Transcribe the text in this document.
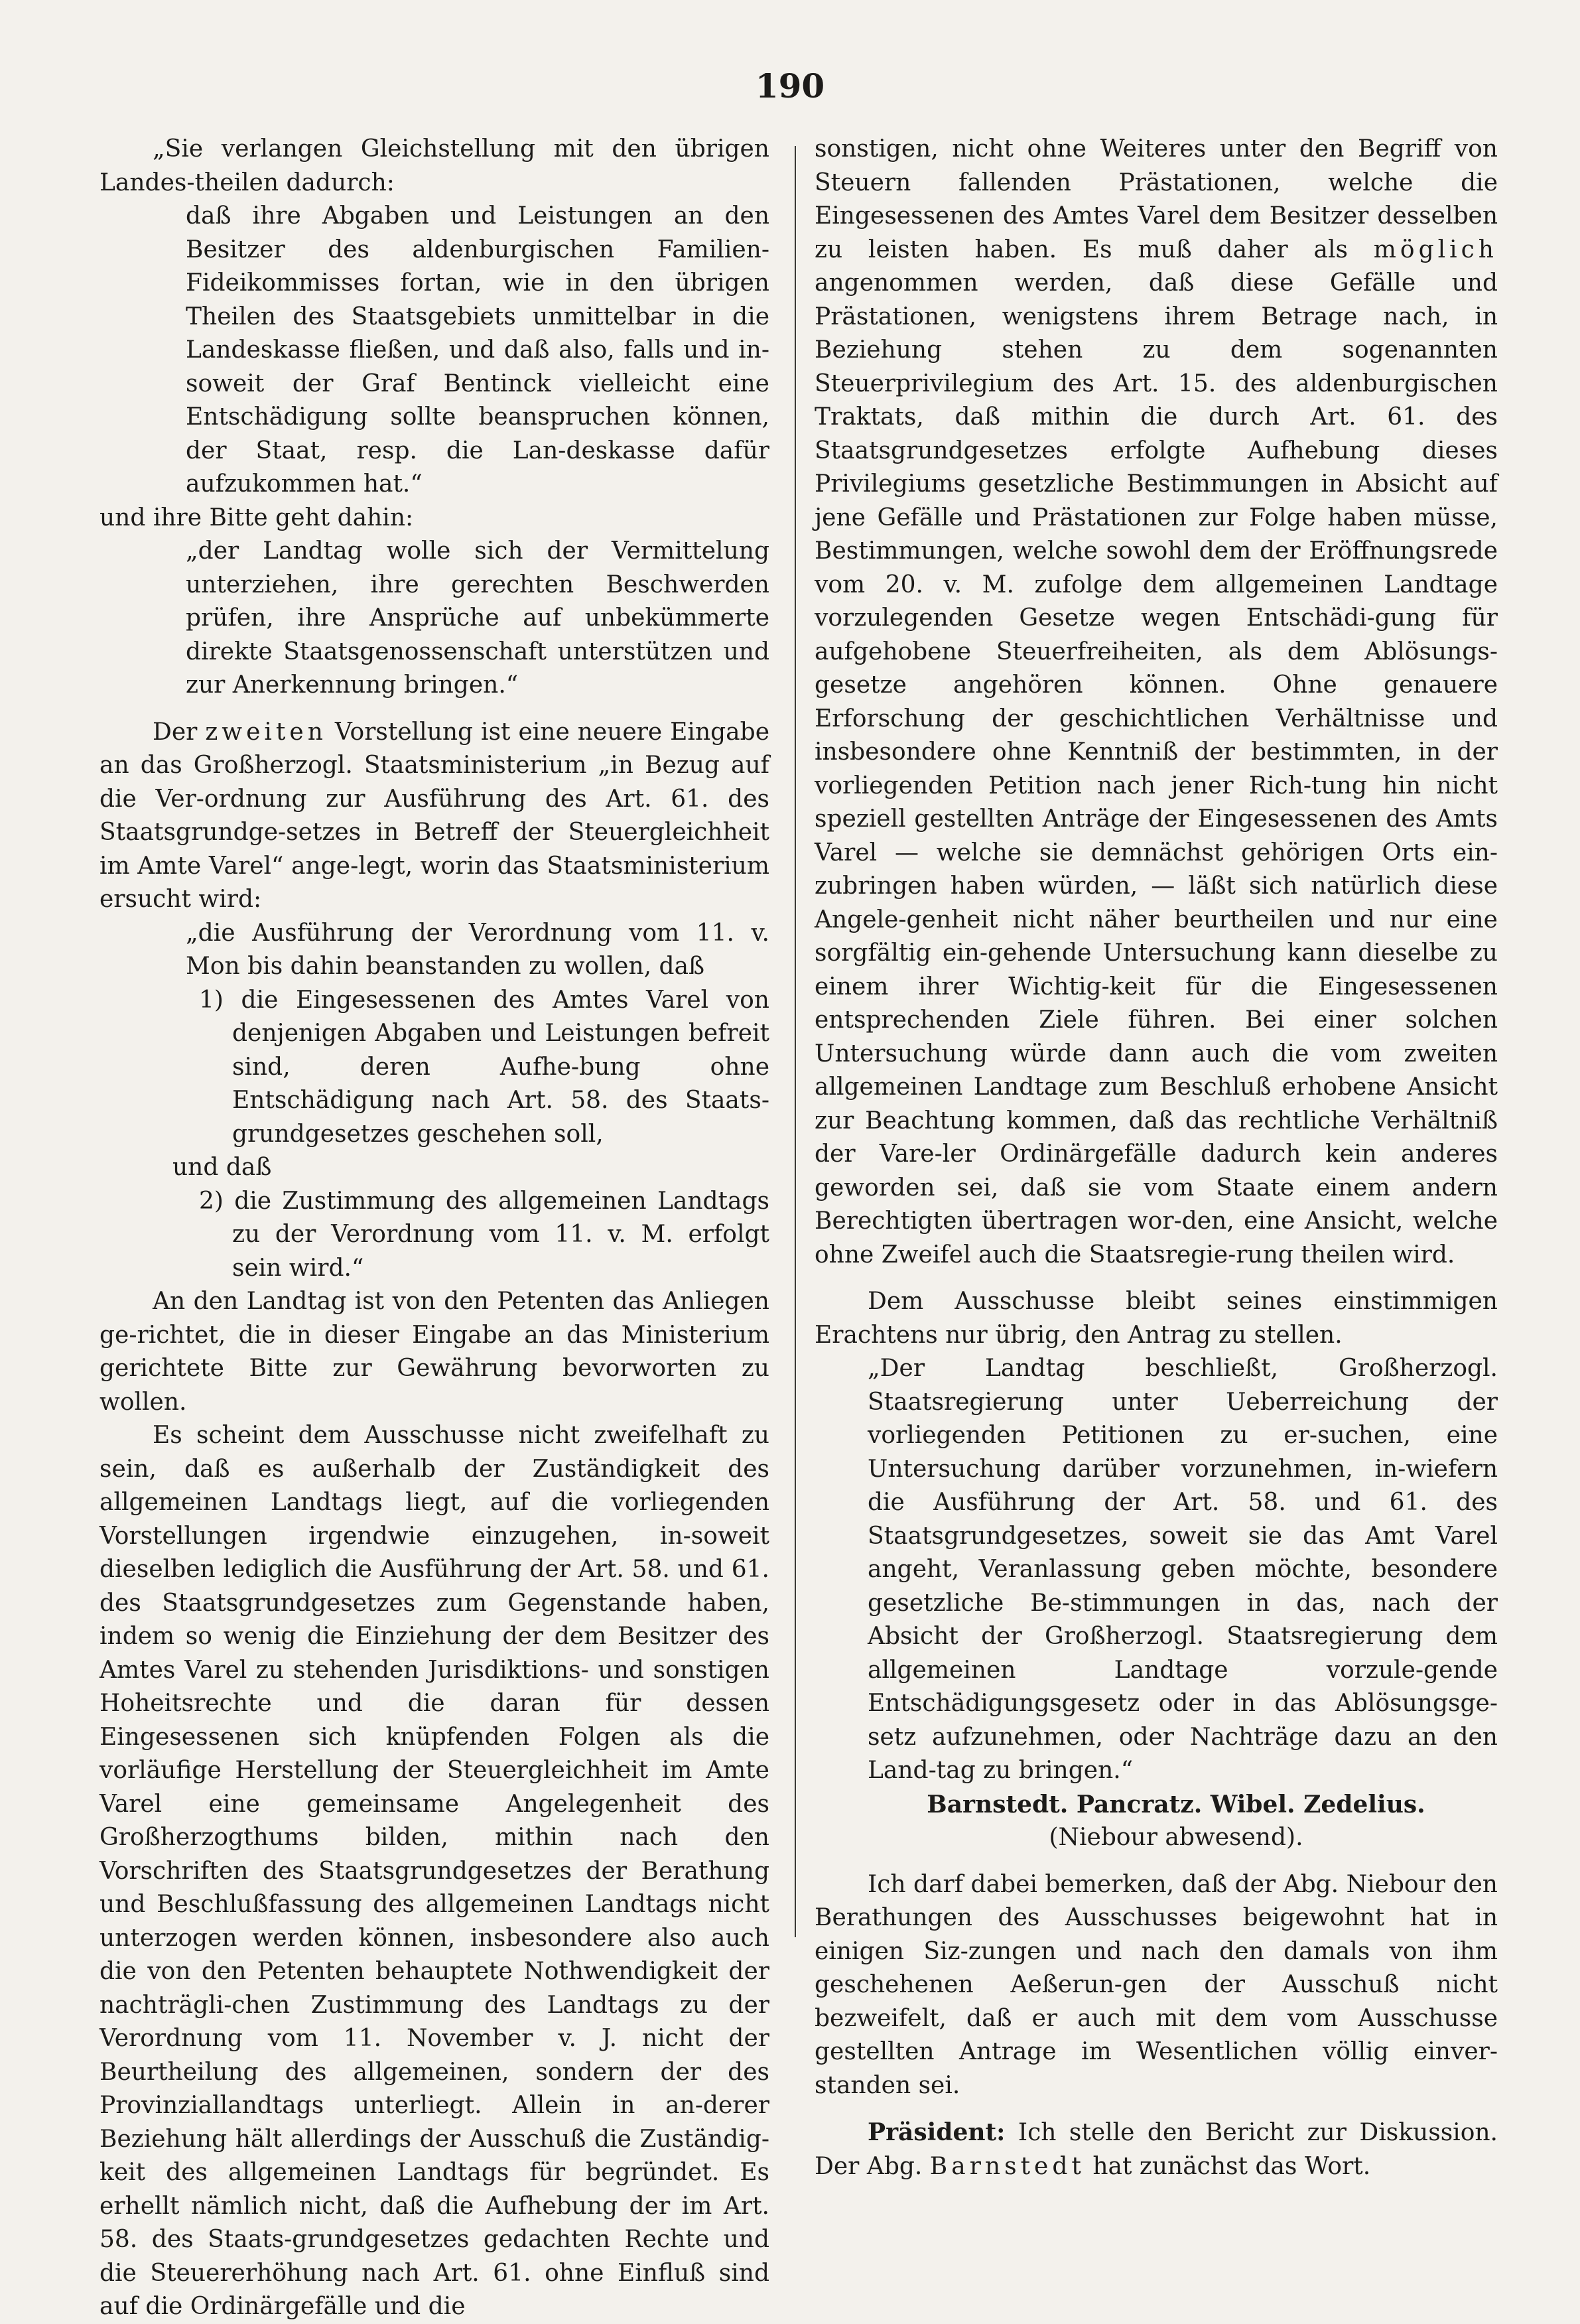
190

„Sie verlangen Gleichstellung mit den übrigen Landes-theilen dadurch:

daß ihre Abgaben und Leistungen an den Besitzer des aldenburgischen Familien-Fideikommisses fortan, wie in den übrigen Theilen des Staatsgebiets unmittelbar in die Landeskasse fließen, und daß also, falls und in-soweit der Graf Bentinck vielleicht eine Entschädigung sollte beanspruchen können, der Staat, resp. die Lan-deskasse dafür aufzukommen hat.“

und ihre Bitte geht dahin:

„der Landtag wolle sich der Vermittelung unterziehen, ihre gerechten Beschwerden prüfen, ihre Ansprüche auf unbekümmerte direkte Staatsgenossenschaft unterstützen und zur Anerkennung bringen.“

Der zweiten Vorstellung ist eine neuere Eingabe an das Großherzogl. Staatsministerium „in Bezug auf die Ver-ordnung zur Ausführung des Art. 61. des Staatsgrundge-setzes in Betreff der Steuergleichheit im Amte Varel“ ange-legt, worin das Staatsministerium ersucht wird:

„die Ausführung der Verordnung vom 11. v. Mon bis dahin beanstanden zu wollen, daß

1) die Eingesessenen des Amtes Varel von denjenigen Abgaben und Leistungen befreit sind, deren Aufhe-bung ohne Entschädigung nach Art. 58. des Staats-grundgesetzes geschehen soll,

und daß

2) die Zustimmung des allgemeinen Landtags zu der Verordnung vom 11. v. M. erfolgt sein wird.“

An den Landtag ist von den Petenten das Anliegen ge-richtet, die in dieser Eingabe an das Ministerium gerichtete Bitte zur Gewährung bevorworten zu wollen.

Es scheint dem Ausschusse nicht zweifelhaft zu sein, daß es außerhalb der Zuständigkeit des allgemeinen Landtags liegt, auf die vorliegenden Vorstellungen irgendwie einzugehen, in-soweit dieselben lediglich die Ausführung der Art. 58. und 61. des Staatsgrundgesetzes zum Gegenstande haben, indem so wenig die Einziehung der dem Besitzer des Amtes Varel zu stehenden Jurisdiktions- und sonstigen Hoheitsrechte und die daran für dessen Eingesessenen sich knüpfenden Folgen als die vorläufige Herstellung der Steuergleichheit im Amte Varel eine gemeinsame Angelegenheit des Großherzogthums bilden, mithin nach den Vorschriften des Staatsgrundgesetzes der Berathung und Beschlußfassung des allgemeinen Landtags nicht unterzogen werden können, insbesondere also auch die von den Petenten behauptete Nothwendigkeit der nachträgli-chen Zustimmung des Landtags zu der Verordnung vom 11. November v. J. nicht der Beurtheilung des allgemeinen, sondern der des Provinziallandtags unterliegt. Allein in an-derer Beziehung hält allerdings der Ausschuß die Zuständig-keit des allgemeinen Landtags für begründet. Es erhellt nämlich nicht, daß die Aufhebung der im Art. 58. des Staats-grundgesetzes gedachten Rechte und die Steuererhöhung nach Art. 61. ohne Einfluß sind auf die Ordinärgefälle und die

sonstigen, nicht ohne Weiteres unter den Begriff von Steuern fallenden Prästationen, welche die Eingesessenen des Amtes Varel dem Besitzer desselben zu leisten haben. Es muß daher als möglich angenommen werden, daß diese Gefälle und Prästationen, wenigstens ihrem Betrage nach, in Beziehung stehen zu dem sogenannten Steuerprivilegium des Art. 15. des aldenburgischen Traktats, daß mithin die durch Art. 61. des Staatsgrundgesetzes erfolgte Aufhebung dieses Privilegiums gesetzliche Bestimmungen in Absicht auf jene Gefälle und Prästationen zur Folge haben müsse, Bestimmungen, welche sowohl dem der Eröffnungsrede vom 20. v. M. zufolge dem allgemeinen Landtage vorzulegenden Gesetze wegen Entschädi-gung für aufgehobene Steuerfreiheiten, als dem Ablösungs-gesetze angehören können. Ohne genauere Erforschung der geschichtlichen Verhältnisse und insbesondere ohne Kenntniß der bestimmten, in der vorliegenden Petition nach jener Rich-tung hin nicht speziell gestellten Anträge der Eingesessenen des Amts Varel — welche sie demnächst gehörigen Orts ein-zubringen haben würden, — läßt sich natürlich diese Angele-genheit nicht näher beurtheilen und nur eine sorgfältig ein-gehende Untersuchung kann dieselbe zu einem ihrer Wichtig-keit für die Eingesessenen entsprechenden Ziele führen. Bei einer solchen Untersuchung würde dann auch die vom zweiten allgemeinen Landtage zum Beschluß erhobene Ansicht zur Beachtung kommen, daß das rechtliche Verhältniß der Vare-ler Ordinärgefälle dadurch kein anderes geworden sei, daß sie vom Staate einem andern Berechtigten übertragen wor-den, eine Ansicht, welche ohne Zweifel auch die Staatsregie-rung theilen wird.

Dem Ausschusse bleibt seines einstimmigen Erachtens nur übrig, den Antrag zu stellen.

„Der Landtag beschließt, Großherzogl. Staatsregierung unter Ueberreichung der vorliegenden Petitionen zu er-suchen, eine Untersuchung darüber vorzunehmen, in-wiefern die Ausführung der Art. 58. und 61. des Staatsgrundgesetzes, soweit sie das Amt Varel angeht, Veranlassung geben möchte, besondere gesetzliche Be-stimmungen in das, nach der Absicht der Großherzogl. Staatsregierung dem allgemeinen Landtage vorzule-gende Entschädigungsgesetz oder in das Ablösungsge-setz aufzunehmen, oder Nachträge dazu an den Land-tag zu bringen.“

Barnstedt. Pancratz. Wibel. Zedelius.

(Niebour abwesend).

Ich darf dabei bemerken, daß der Abg. Niebour den Berathungen des Ausschusses beigewohnt hat in einigen Siz-zungen und nach den damals von ihm geschehenen Aeßerun-gen der Ausschuß nicht bezweifelt, daß er auch mit dem vom Ausschusse gestellten Antrage im Wesentlichen völlig einver-standen sei.

Präsident: Ich stelle den Bericht zur Diskussion. Der Abg. Barnstedt hat zunächst das Wort.
